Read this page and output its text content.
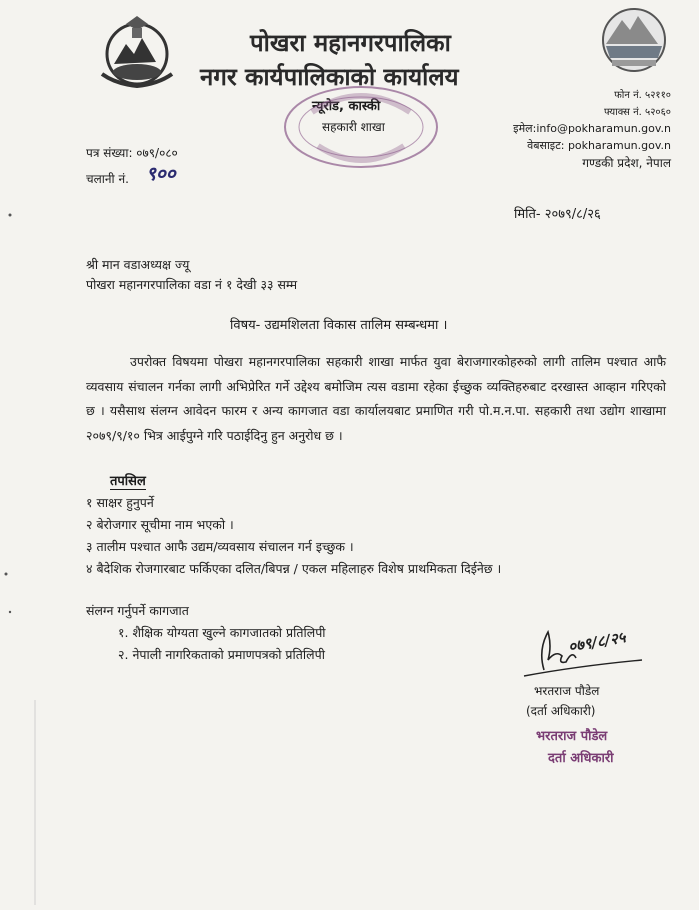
पोखरा महानगरपालिका
नगर कार्यपालिकाको कार्यालय
न्यूरोड, कास्की
सहकारी शाखा
फोन नं. ५२११०
फ्याक्स नं. ५२०६०
इमेल:info@pokharamun.gov.n
वेबसाइट: pokharamun.gov.n
गण्डकी प्रदेश, नेपाल
पत्र संख्या: ०७९/०८०
चलानी नं. ९००
मिति- २०७९/८/२६
श्री मान वडाअध्यक्ष ज्यू
पोखरा महानगरपालिका वडा नं १ देखी ३३ सम्म
विषय- उद्यमशिलता विकास तालिम सम्बन्धमा ।

उपरोक्त विषयमा पोखरा महानगरपालिका सहकारी शाखा मार्फत युवा बेराजगारकोहरुको लागी तालिम पश्चात आफै व्यवसाय संचालन गर्नका लागी अभिप्रेरित गर्ने उद्देश्य बमोजिम त्यस वडामा रहेका ईच्छुक व्यक्तिहरुबाट दरखास्त आव्हान गरिएको छ । यसैसाथ संलग्न आवेदन फारम र अन्य कागजात वडा कार्यालयबाट प्रमाणित गरी पो.म.न.पा. सहकारी तथा उद्योग शाखामा २०७९/९/१० भित्र आईपुग्ने गरि पठाईदिनु हुन अनुरोध छ ।

तपसिल
१ साक्षर हुनुपर्ने
२ बेरोजगार सूचीमा नाम भएको ।
३ तालीम पश्चात आफै उद्यम/व्यवसाय संचालन गर्न इच्छुक ।
४ बैदेशिक रोजगारबाट फर्किएका दलित/बिपन्न / एकल महिलाहरु विशेष प्राथमिकता दिईनेछ ।
संलग्न गर्नुपर्ने कागजात
१. शैक्षिक योग्यता खुल्ने कागजातको प्रतिलिपी
२. नेपाली नागरिकताको प्रमाणपत्रको प्रतिलिपी	०७९/८/२५
भरतराज पौडेल
(दर्ता अधिकारी)
भरतराज पौडेल
दर्ता अधिकारी
